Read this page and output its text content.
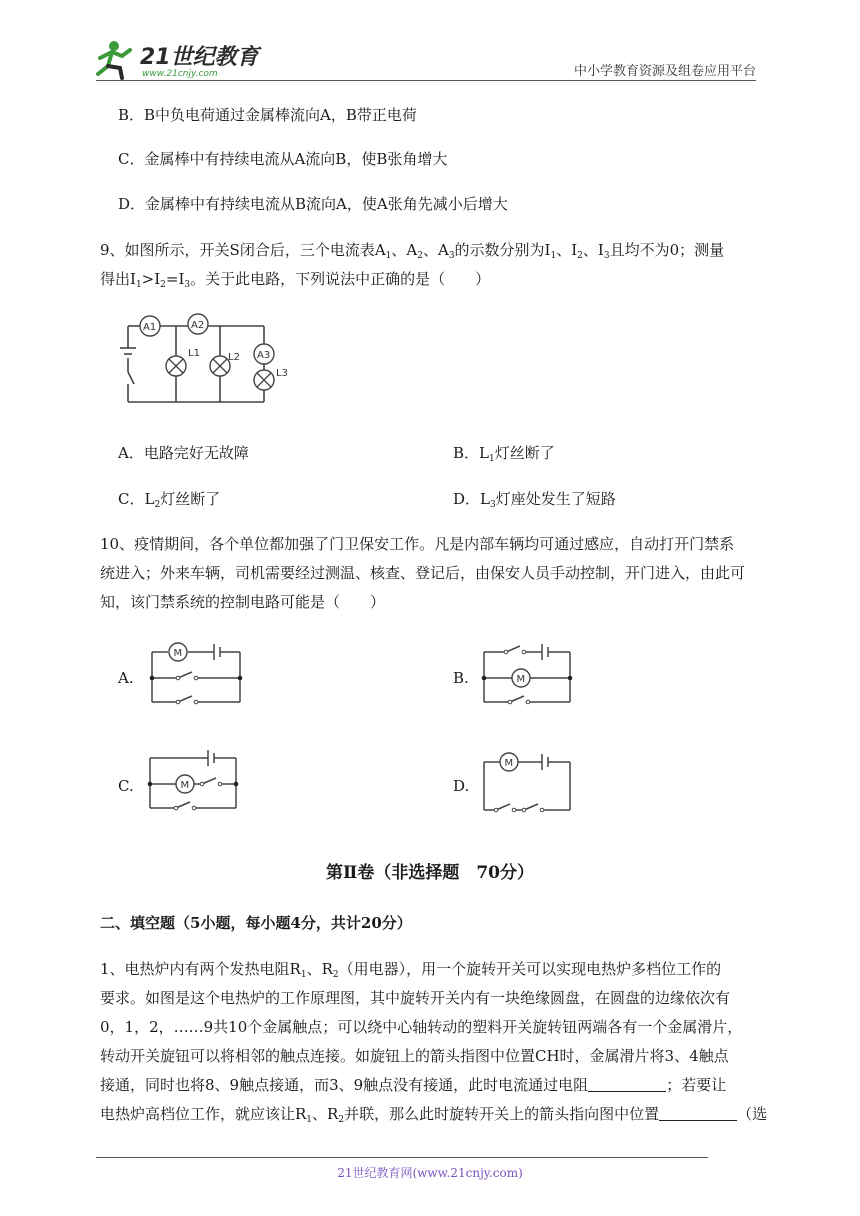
21世纪教育
www.21cnjy.com	中小学教育资源及组卷应用平台
B．B中负电荷通过金属棒流向A，B带正电荷
C．金属棒中有持续电流从A流向B，使B张角增大
D．金属棒中有持续电流从B流向A，使A张角先减小后增大
9、如图所示，开关S闭合后，三个电流表$A_1$、$A_2$、$A_3$的示数分别为$I_1$、$I_2$、$I_3$且均不为0；测量
得出$I_1>I_2=I_3$。关于此电路，下列说法中正确的是（　　）
A1	A2
A3
L1	L2
L3
A．电路完好无故障	B．$L_1$灯丝断了
C．$L_2$灯丝断了	D．$L_3$灯座处发生了短路
10、疫情期间，各个单位都加强了门卫保安工作。凡是内部车辆均可通过感应，自动打开门禁系
统进入；外来车辆，司机需要经过测温、核查、登记后，由保安人员手动控制，开门进入，由此可
知，该门禁系统的控制电路可能是（　　）
A.
M
B.	M
C.	M	D.
M
第Ⅱ卷（非选择题　70分）
二、填空题（5小题，每小题4分，共计20分）
1、电热炉内有两个发热电阻$R_1$、$R_2$（用电器），用一个旋转开关可以实现电热炉多档位工作的
要求。如图是这个电热炉的工作原理图，其中旋转开关内有一块绝缘圆盘，在圆盘的边缘依次有
0，1，2，……9共10个金属触点；可以绕中心轴转动的塑料开关旋转钮两端各有一个金属滑片，
转动开关旋钮可以将相邻的触点连接。如旋钮上的箭头指图中位置CH时，金属滑片将3、4触点
接通，同时也将8、9触点接通，而3、9触点没有接通，此时电流通过电阻	；若要让
电热炉高档位工作，就应该让$R_1$、$R_2$并联，那么此时旋转开关上的箭头指向图中位置	（选
21世纪教育网(www.21cnjy.com)
